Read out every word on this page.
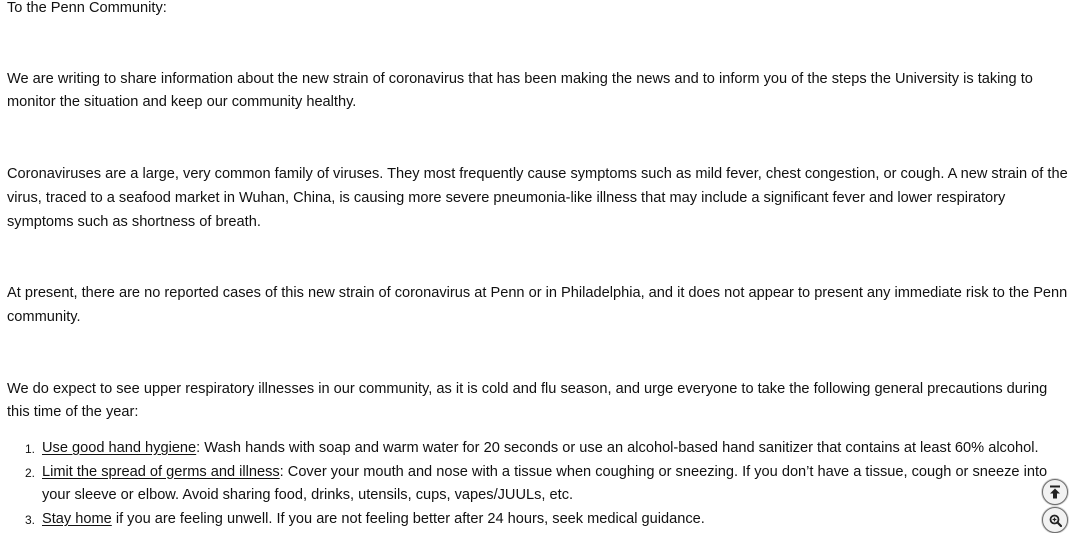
To the Penn Community:

We are writing to share information about the new strain of coronavirus that has been making the news and to inform you of the steps the University is taking to monitor the situation and keep our community healthy.

Coronaviruses are a large, very common family of viruses. They most frequently cause symptoms such as mild fever, chest congestion, or cough. A new strain of the virus, traced to a seafood market in Wuhan, China, is causing more severe pneumonia-like illness that may include a significant fever and lower respiratory symptoms such as shortness of breath.

At present, there are no reported cases of this new strain of coronavirus at Penn or in Philadelphia, and it does not appear to present any immediate risk to the Penn community.

We do expect to see upper respiratory illnesses in our community, as it is cold and flu season, and urge everyone to take the following general precautions during this time of the year:

1. Use good hand hygiene: Wash hands with soap and warm water for 20 seconds or use an alcohol-based hand sanitizer that contains at least 60% alcohol.
2. Limit the spread of germs and illness: Cover your mouth and nose with a tissue when coughing or sneezing. If you don’t have a tissue, cough or sneeze into your sleeve or elbow. Avoid sharing food, drinks, utensils, cups, vapes/JUULs, etc.
3. Stay home if you are feeling unwell. If you are not feeling better after 24 hours, seek medical guidance.
